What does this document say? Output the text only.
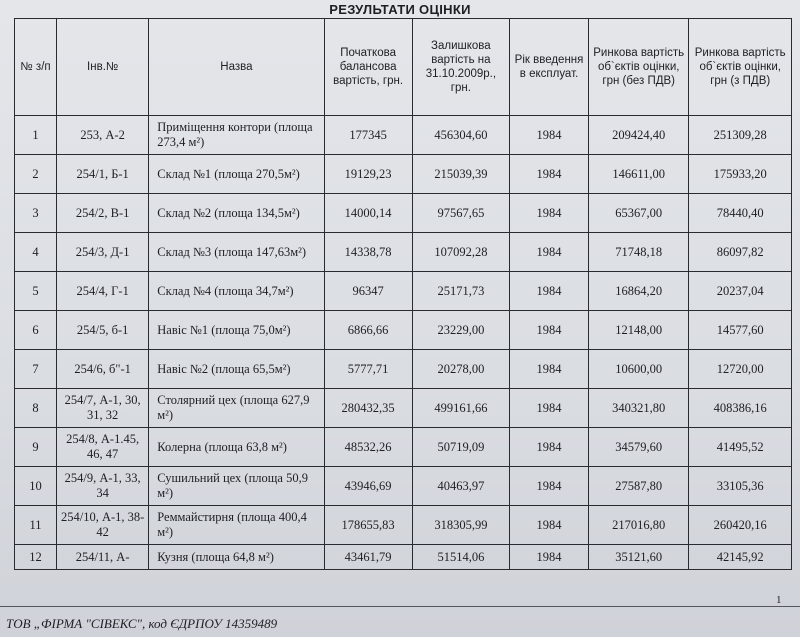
РЕЗУЛЬТАТИ ОЦІНКИ
№ з/п	Інв.№	Назва	Початкова балансова вартість, грн.	Залишкова вартість на 31.10.2009р., грн.	Рік введення в експлуат.	Ринкова вартість об`єктів оцінки, грн (без ПДВ)	Ринкова вартість об`єктів оцінки, грн (з ПДВ)
1	253, А-2	Приміщення контори (площа 273,4 м²)	177345	456304,60	1984	209424,40	251309,28
2	254/1, Б-1	Склад №1 (площа 270,5м²)	19129,23	215039,39	1984	146611,00	175933,20
3	254/2, В-1	Склад №2 (площа 134,5м²)	14000,14	97567,65	1984	65367,00	78440,40
4	254/3, Д-1	Склад №3 (площа 147,63м²)	14338,78	107092,28	1984	71748,18	86097,82
5	254/4, Г-1	Склад №4 (площа 34,7м²)	96347	25171,73	1984	16864,20	20237,04
6	254/5, б-1	Навіс №1 (площа 75,0м²)	6866,66	23229,00	1984	12148,00	14577,60
7	254/6, б"-1	Навіс №2 (площа 65,5м²)	5777,71	20278,00	1984	10600,00	12720,00
8	254/7, А-1, 30, 31, 32	Столярний цех (площа 627,9 м²)	280432,35	499161,66	1984	340321,80	408386,16
9	254/8, А-1.45, 46, 47	Колерна (площа 63,8 м²)	48532,26	50719,09	1984	34579,60	41495,52
10	254/9, А-1, 33, 34	Сушильний цех (площа 50,9 м²)	43946,69	40463,97	1984	27587,80	33105,36
11	254/10, А-1, 38-42	Реммайстирня (площа 400,4 м²)	178655,83	318305,99	1984	217016,80	260420,16
12	254/11, А-	Кузня (площа 64,8 м²)	43461,79	51514,06	1984	35121,60	42145,92
1
ТОВ „ФІРМА "СІВЕКС", код ЄДРПОУ 14359489
